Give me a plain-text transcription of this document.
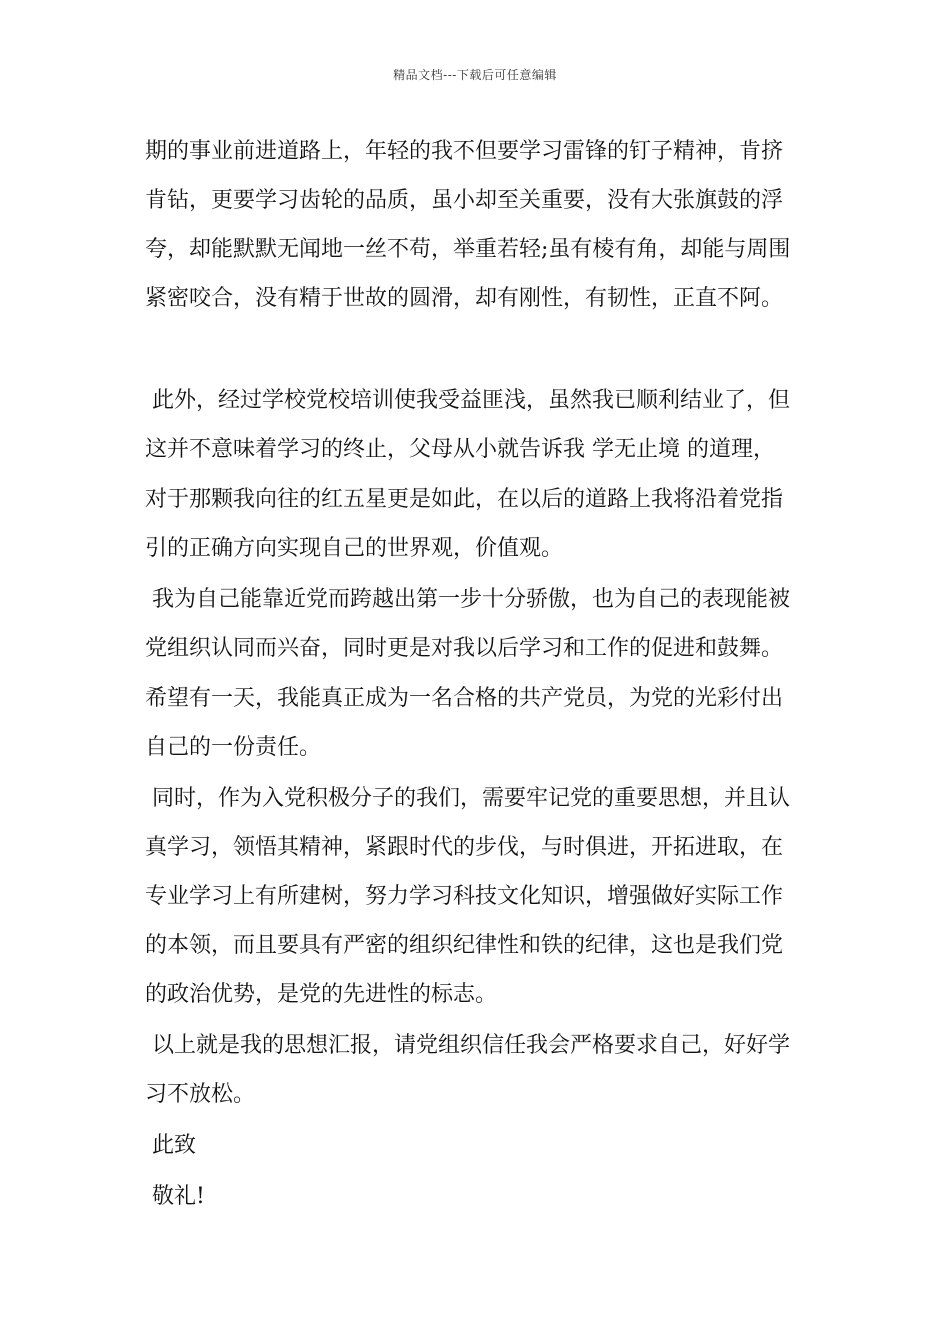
精品文档---下载后可任意编辑
期的事业前进道路上，年轻的我不但要学习雷锋的钉子精神，肯挤
肯钻，更要学习齿轮的品质，虽小却至关重要，没有大张旗鼓的浮
夸，却能默默无闻地一丝不苟，举重若轻;虽有棱有角，却能与周围
紧密咬合，没有精于世故的圆滑，却有刚性，有韧性，正直不阿。
此外，经过学校党校培训使我受益匪浅，虽然我已顺利结业了，但
这并不意味着学习的终止，父母从小就告诉我 学无止境 的道理，
对于那颗我向往的红五星更是如此，在以后的道路上我将沿着党指
引的正确方向实现自己的世界观，价值观。
我为自己能靠近党而跨越出第一步十分骄傲，也为自己的表现能被
党组织认同而兴奋，同时更是对我以后学习和工作的促进和鼓舞。
希望有一天，我能真正成为一名合格的共产党员，为党的光彩付出
自己的一份责任。
同时，作为入党积极分子的我们，需要牢记党的重要思想，并且认
真学习，领悟其精神，紧跟时代的步伐，与时俱进，开拓进取，在
专业学习上有所建树，努力学习科技文化知识，增强做好实际工作
的本领，而且要具有严密的组织纪律性和铁的纪律，这也是我们党
的政治优势，是党的先进性的标志。
以上就是我的思想汇报，请党组织信任我会严格要求自己，好好学
习不放松。
此致
敬礼!
